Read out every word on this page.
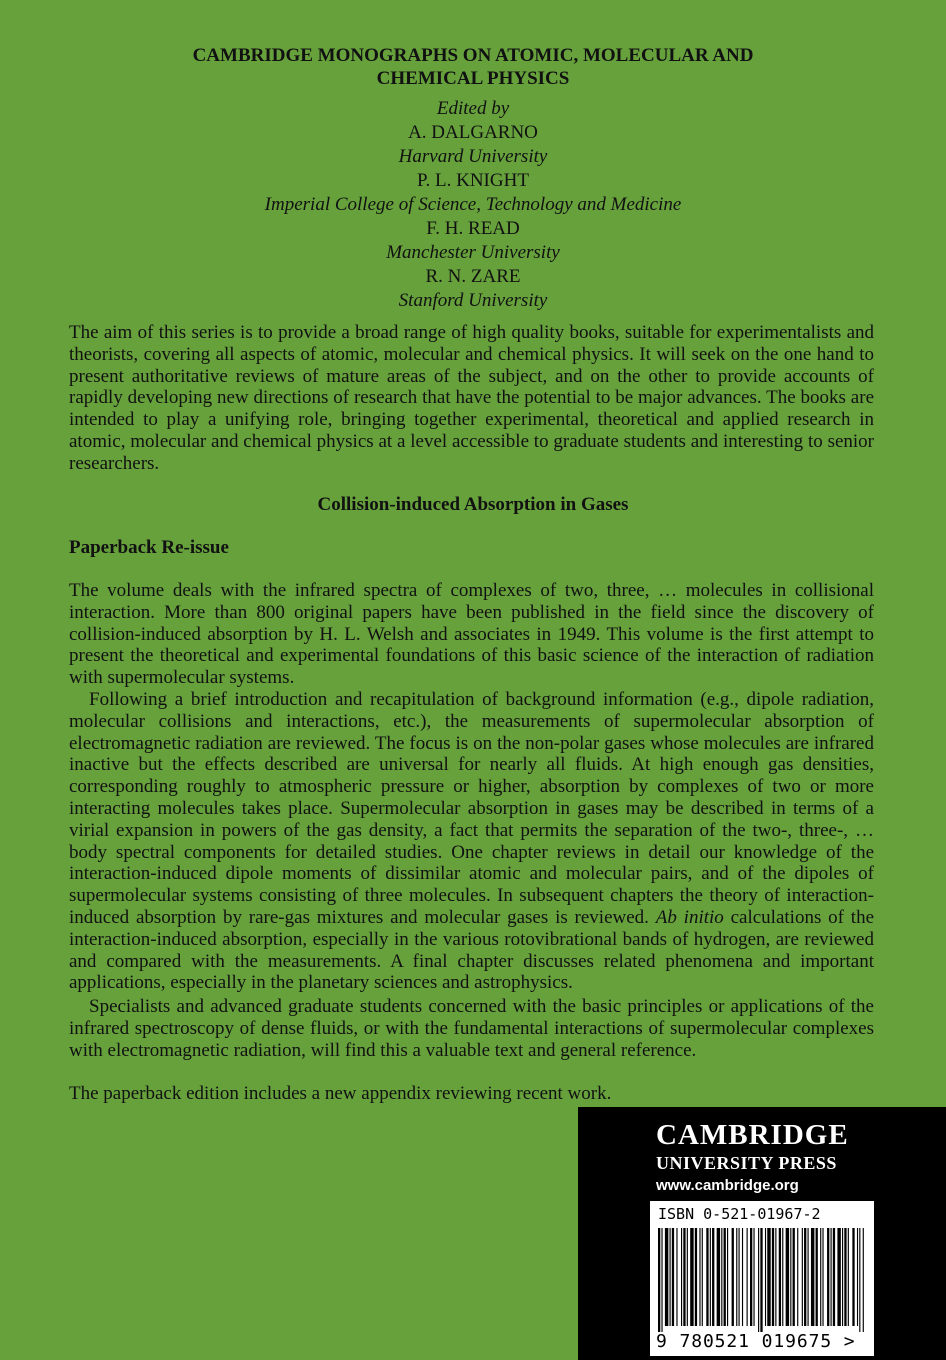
CAMBRIDGE MONOGRAPHS ON ATOMIC, MOLECULAR AND
CHEMICAL PHYSICS
Edited by
A. DALGARNO
Harvard University
P. L. KNIGHT
Imperial College of Science, Technology and Medicine
F. H. READ
Manchester University
R. N. ZARE
Stanford University

The aim of this series is to provide a broad range of high quality books, suitable for experimentalists and theorists, covering all aspects of atomic, molecular and chemical physics. It will seek on the one hand to present authoritative reviews of mature areas of the subject, and on the other to provide accounts of rapidly developing new directions of research that have the potential to be major advances. The books are intended to play a unifying role, bringing together experimental, theoretical and applied research in atomic, molecular and chemical physics at a level accessible to graduate students and interesting to senior researchers.

Collision-induced Absorption in Gases
Paperback Re-issue

The volume deals with the infrared spectra of complexes of two, three, … molecules in collisional interaction. More than 800 original papers have been published in the field since the discovery of collision-induced absorption by H. L. Welsh and associates in 1949. This volume is the first attempt to present the theoretical and experimental foundations of this basic science of the interaction of radiation with supermolecular systems.

Following a brief introduction and recapitulation of background information (e.g., dipole radiation, molecular collisions and interactions, etc.), the measurements of supermolecular absorption of electromagnetic radiation are reviewed. The focus is on the non-polar gases whose molecules are infrared inactive but the effects described are universal for nearly all fluids. At high enough gas densities, corresponding roughly to atmospheric pressure or higher, absorption by complexes of two or more interacting molecules takes place. Supermolecular absorption in gases may be described in terms of a virial expansion in powers of the gas density, a fact that permits the separation of the two-, three-, … body spectral components for detailed studies. One chapter reviews in detail our knowledge of the interaction-induced dipole moments of dissimilar atomic and molecular pairs, and of the dipoles of supermolecular systems consisting of three molecules. In subsequent chapters the theory of interaction-induced absorption by rare-gas mixtures and molecular gases is reviewed. Ab initio calculations of the interaction-induced absorption, especially in the various rotovibrational bands of hydrogen, are reviewed and compared with the measurements. A final chapter discusses related phenomena and important applications, especially in the planetary sciences and astrophysics.

Specialists and advanced graduate students concerned with the basic principles or applications of the infrared spectroscopy of dense fluids, or with the fundamental interactions of supermolecular complexes with electromagnetic radiation, will find this a valuable text and general reference.

The paperback edition includes a new appendix reviewing recent work.

CAMBRIDGE
UNIVERSITY PRESS
www.cambridge.org
ISBN 0-521-01967-2
9 780521 019675 >
